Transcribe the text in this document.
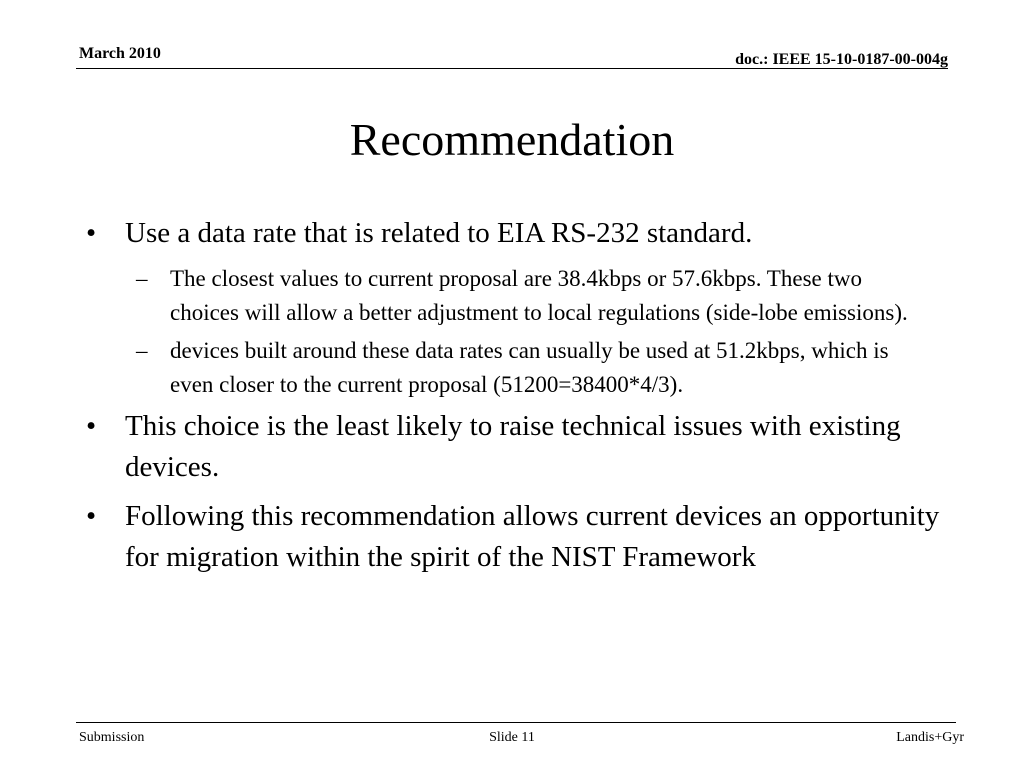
March 2010	doc.: IEEE 15-10-0187-00-004g
Recommendation
• Use a data rate that is related to EIA RS-232 standard.
– The closest values to current proposal are 38.4kbps or 57.6kbps. These two choices will allow a better adjustment to local regulations (side-lobe emissions).
– devices built around these data rates can usually be used at 51.2kbps, which is even closer to the current proposal (51200=38400*4/3).
• This choice is the least likely to raise technical issues with existing devices.
• Following this recommendation allows current devices an opportunity for migration within the spirit of the NIST Framework
Submission	Slide 11	Landis+Gyr
